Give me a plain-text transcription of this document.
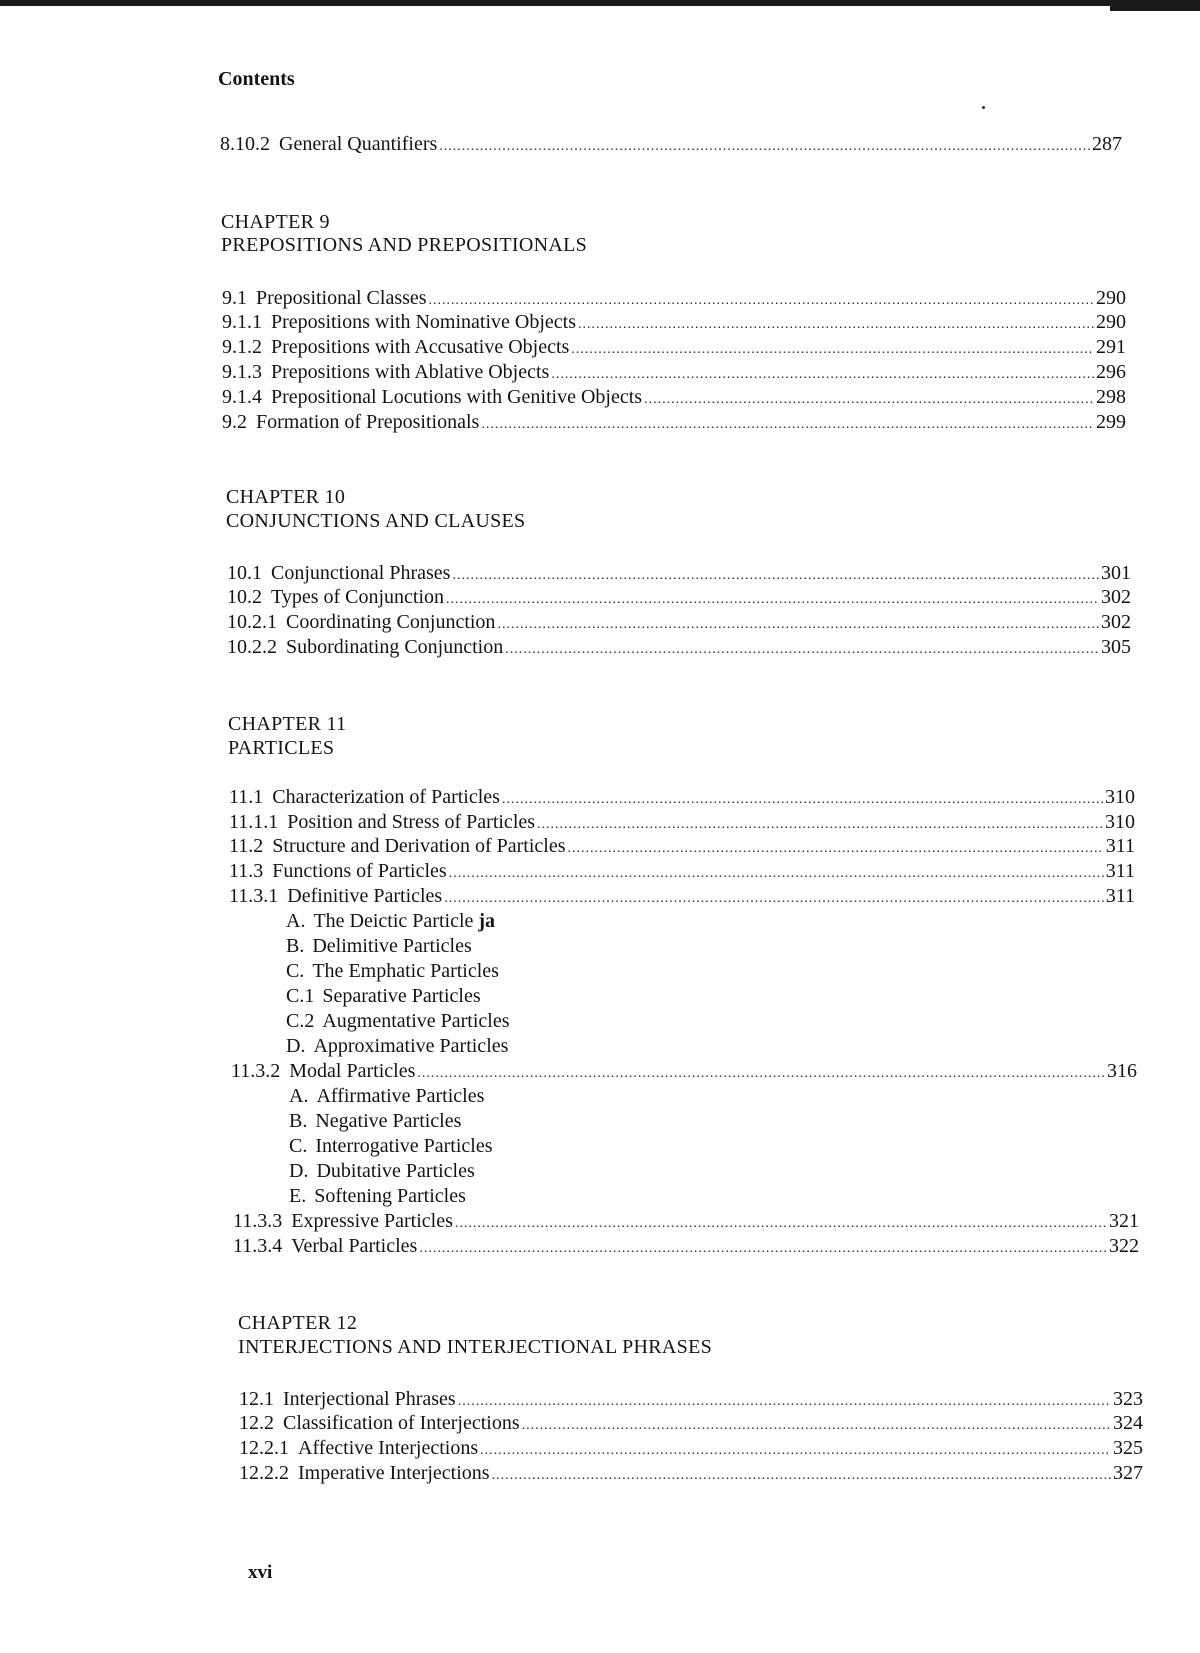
Contents
8.10.2 General Quantifiers .....	287
CHAPTER 9
PREPOSITIONS AND PREPOSITIONALS
9.1 Prepositional Classes .....	290
9.1.1 Prepositions with Nominative Objects .....	290
9.1.2 Prepositions with Accusative Objects .....	291
9.1.3 Prepositions with Ablative Objects .....	296
9.1.4 Prepositional Locutions with Genitive Objects .....	298
9.2 Formation of Prepositionals .....	299
CHAPTER 10
CONJUNCTIONS AND CLAUSES
10.1 Conjunctional Phrases .....	301
10.2 Types of Conjunction .....	302
10.2.1 Coordinating Conjunction .....	302
10.2.2 Subordinating Conjunction .....	305
CHAPTER 11
PARTICLES
11.1 Characterization of Particles .....	310
11.1.1 Position and Stress of Particles .....	310
11.2 Structure and Derivation of Particles .....	311
11.3 Functions of Particles .....	311
11.3.1 Definitive Particles .....	311
A. The Deictic Particle ja
B. Delimitive Particles
C. The Emphatic Particles
C.1 Separative Particles
C.2 Augmentative Particles
D. Approximative Particles
11.3.2 Modal Particles .....	316
A. Affirmative Particles
B. Negative Particles
C. Interrogative Particles
D. Dubitative Particles
E. Softening Particles
11.3.3 Expressive Particles .....	321
11.3.4 Verbal Particles .....	322
CHAPTER 12
INTERJECTIONS AND INTERJECTIONAL PHRASES
12.1 Interjectional Phrases .....	323
12.2 Classification of Interjections .....	324
12.2.1 Affective Interjections .....	325
12.2.2 Imperative Interjections .....	327
xvi
